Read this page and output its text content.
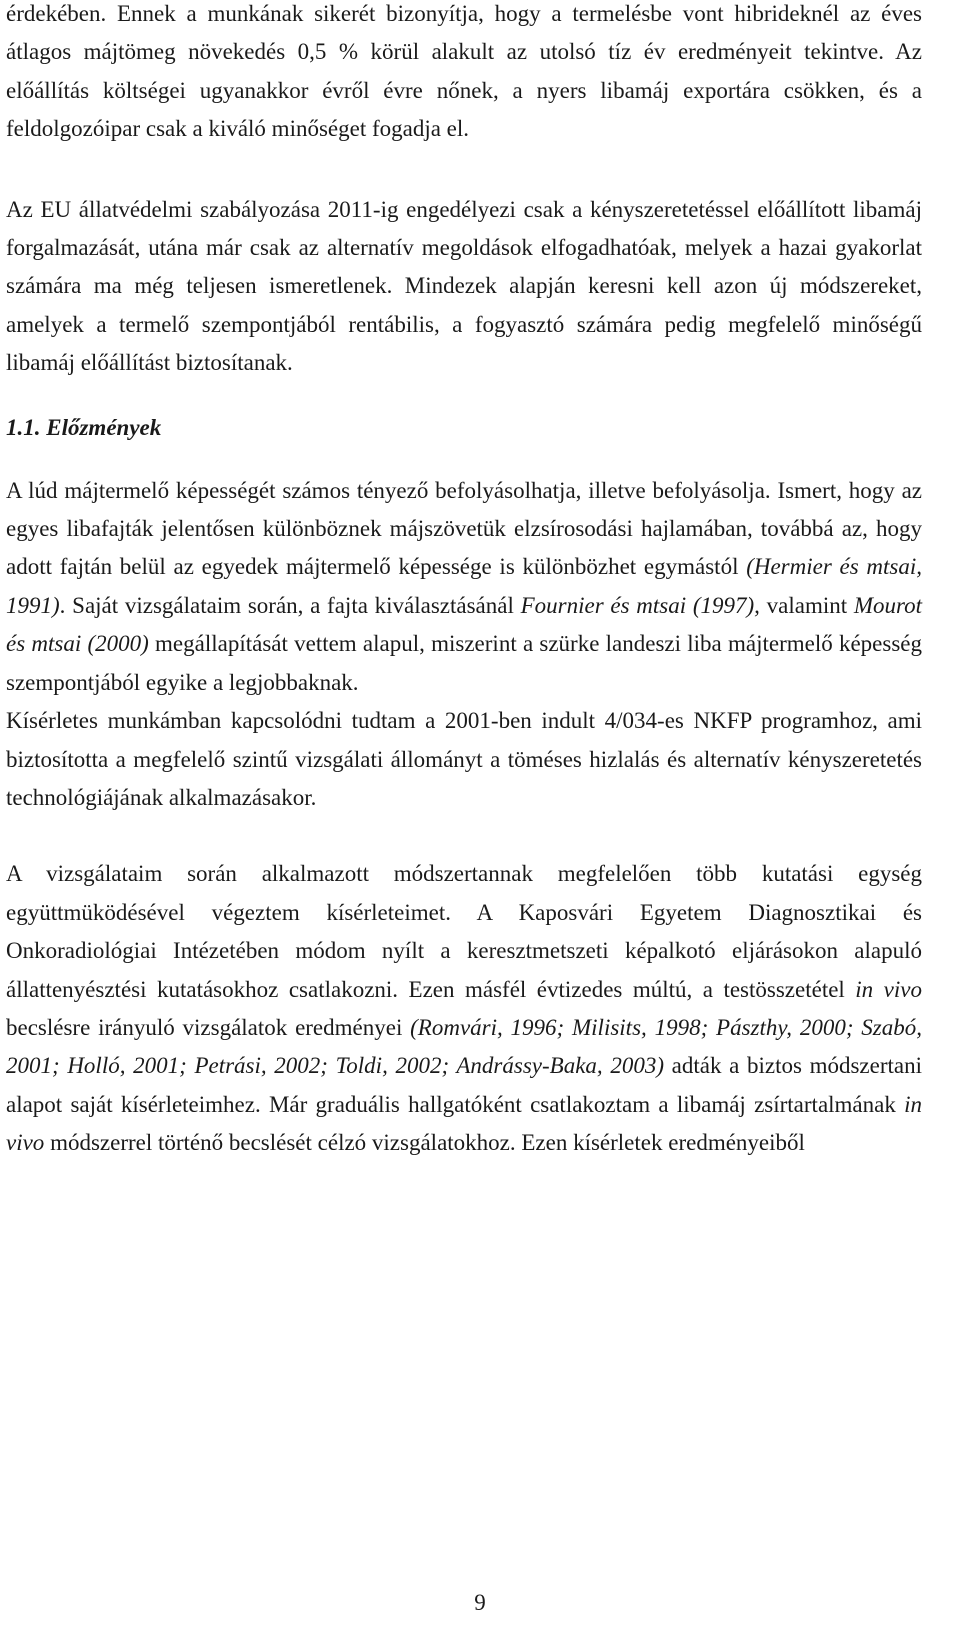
érdekében. Ennek a munkának sikerét bizonyítja, hogy a termelésbe vont hibrideknél az éves átlagos májtömeg növekedés 0,5 % körül alakult az utolsó tíz év eredményeit tekintve. Az előállítás költségei ugyanakkor évről évre nőnek, a nyers libamáj exportára csökken, és a feldolgozóipar csak a kiváló minőséget fogadja el.

Az EU állatvédelmi szabályozása 2011-ig engedélyezi csak a kényszeretetéssel előállított libamáj forgalmazását, utána már csak az alternatív megoldások elfogadhatóak, melyek a hazai gyakorlat számára ma még teljesen ismeretlenek. Mindezek alapján keresni kell azon új módszereket, amelyek a termelő szempontjából rentábilis, a fogyasztó számára pedig megfelelő minőségű libamáj előállítást biztosítanak.

1.1. Előzmények

A lúd májtermelő képességét számos tényező befolyásolhatja, illetve befolyásolja. Ismert, hogy az egyes libafajták jelentősen különböznek májszövetük elzsírosodási hajlamában, továbbá az, hogy adott fajtán belül az egyedek májtermelő képessége is különbözhet egymástól (Hermier és mtsai, 1991). Saját vizsgálataim során, a fajta kiválasztásánál Fournier és mtsai (1997), valamint Mourot és mtsai (2000) megállapítását vettem alapul, miszerint a szürke landeszi liba májtermelő képesség szempontjából egyike a legjobbaknak.

Kísérletes munkámban kapcsolódni tudtam a 2001-ben indult 4/034-es NKFP programhoz, ami biztosította a megfelelő szintű vizsgálati állományt a töméses hizlalás és alternatív kényszeretetés technológiájának alkalmazásakor.

A vizsgálataim során alkalmazott módszertannak megfelelően több kutatási egység együttmüködésével végeztem kísérleteimet. A Kaposvári Egyetem Diagnosztikai és Onkoradiológiai Intézetében módom nyílt a keresztmetszeti képalkotó eljárásokon alapuló állattenyésztési kutatásokhoz csatlakozni. Ezen másfél évtizedes múltú, a testösszetétel in vivo becslésre irányuló vizsgálatok eredményei (Romvári, 1996; Milisits, 1998; Pászthy, 2000; Szabó, 2001; Holló, 2001; Petrási, 2002; Toldi, 2002; Andrássy-Baka, 2003) adták a biztos módszertani alapot saját kísérleteimhez. Már graduális hallgatóként csatlakoztam a libamáj zsírtartalmának in vivo módszerrel történő becslését célzó vizsgálatokhoz. Ezen kísérletek eredményeiből

9
